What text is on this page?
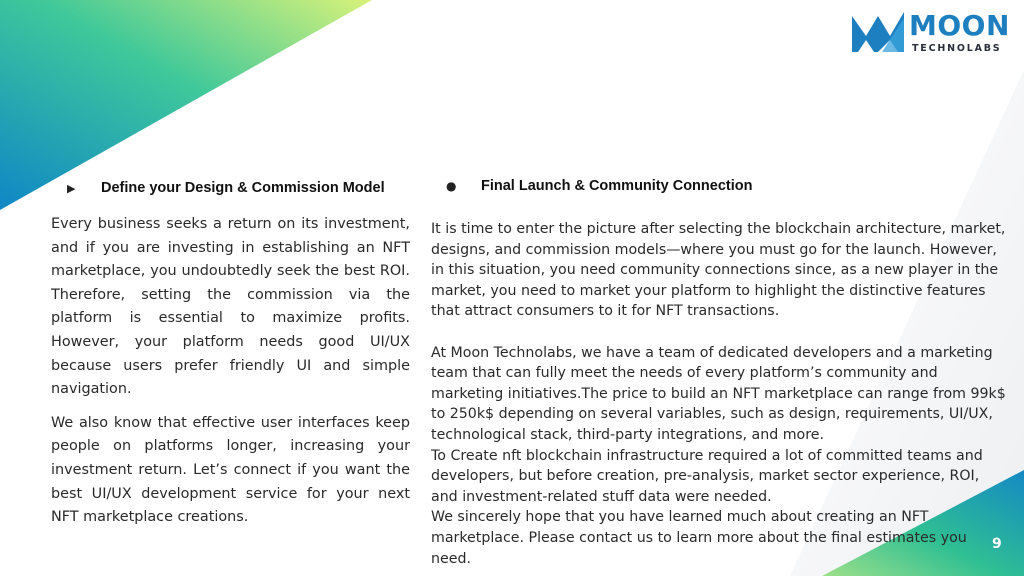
MOON
TECHNOLABS
▶	Define your Design & Commission Model

Every business seeks a return on its investment, and if you are investing in establishing an NFT marketplace, you undoubtedly seek the best ROI. Therefore, setting the commission via the platform is essential to maximize profits. However, your platform needs good UI/UX because users prefer friendly UI and simple navigation.

We also know that effective user interfaces keep people on platforms longer, increasing your investment return. Let’s connect if you want the best UI/UX development service for your next NFT marketplace creations.

●	Final Launch & Community Connection

It is time to enter the picture after selecting the blockchain architecture, market, designs, and commission models—where you must go for the launch. However, in this situation, you need community connections since, as a new player in the market, you need to market your platform to highlight the distinctive features that attract consumers to it for NFT transactions.

At Moon Technolabs, we have a team of dedicated developers and a marketing team that can fully meet the needs of every platform’s community and marketing initiatives.The price to build an NFT marketplace can range from 99k$ to 250k$ depending on several variables, such as design, requirements, UI/UX, technological stack, third-party integrations, and more.

To Create nft blockchain infrastructure required a lot of committed teams and developers, but before creation, pre-analysis, market sector experience, ROI, and investment-related stuff data were needed.

We sincerely hope that you have learned much about creating an NFT marketplace. Please contact us to learn more about the final estimates you need.

9
